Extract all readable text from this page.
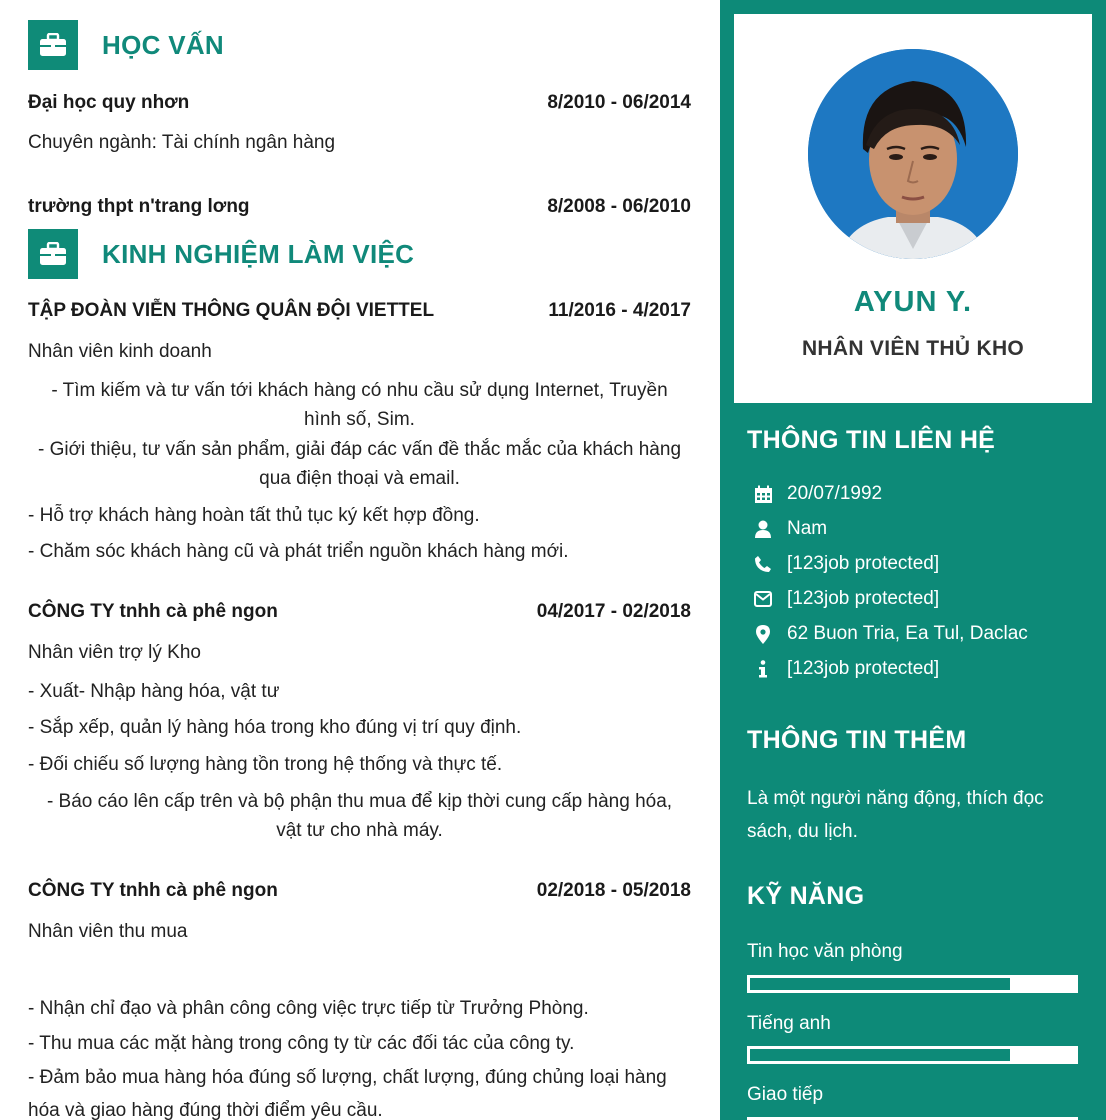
HỌC VẤN
Đại học quy nhơn	8/2010 - 06/2014
Chuyên ngành: Tài chính ngân hàng
trường thpt n'trang lơng	8/2008 - 06/2010
KINH NGHIỆM LÀM VIỆC
TẬP ĐOÀN VIỄN THÔNG QUÂN ĐỘI VIETTEL	11/2016 - 4/2017
Nhân viên kinh doanh
- Tìm kiếm và tư vấn tới khách hàng có nhu cầu sử dụng Internet, Truyền
hình số, Sim.
- Giới thiệu, tư vấn sản phẩm, giải đáp các vấn đề thắc mắc của khách hàng
qua điện thoại và email.
- Hỗ trợ khách hàng hoàn tất thủ tục ký kết hợp đồng.
- Chăm sóc khách hàng cũ và phát triển nguồn khách hàng mới.
CÔNG TY tnhh cà phê ngon	04/2017 - 02/2018
Nhân viên trợ lý Kho
- Xuất- Nhập hàng hóa, vật tư
- Sắp xếp, quản lý hàng hóa trong kho đúng vị trí quy định.
- Đối chiếu số lượng hàng tồn trong hệ thống và thực tế.
- Báo cáo lên cấp trên và bộ phận thu mua để kịp thời cung cấp hàng hóa,
vật tư cho nhà máy.
CÔNG TY tnhh cà phê ngon	02/2018 - 05/2018
Nhân viên thu mua
- Nhận chỉ đạo và phân công công việc trực tiếp từ Trưởng Phòng.
- Thu mua các mặt hàng trong công ty từ các đối tác của công ty.
- Đảm bảo mua hàng hóa đúng số lượng, chất lượng, đúng chủng loại hàng
hóa và giao hàng đúng thời điểm yêu cầu.
AYUN Y.
NHÂN VIÊN THỦ KHO
THÔNG TIN LIÊN HỆ
20/07/1992
Nam
[123job protected]
[123job protected]
62 Buon Tria, Ea Tul, Daclac
[123job protected]
THÔNG TIN THÊM
Là một người năng động, thích đọc
sách, du lịch.
KỸ NĂNG
Tin học văn phòng
Tiếng anh
Giao tiếp
